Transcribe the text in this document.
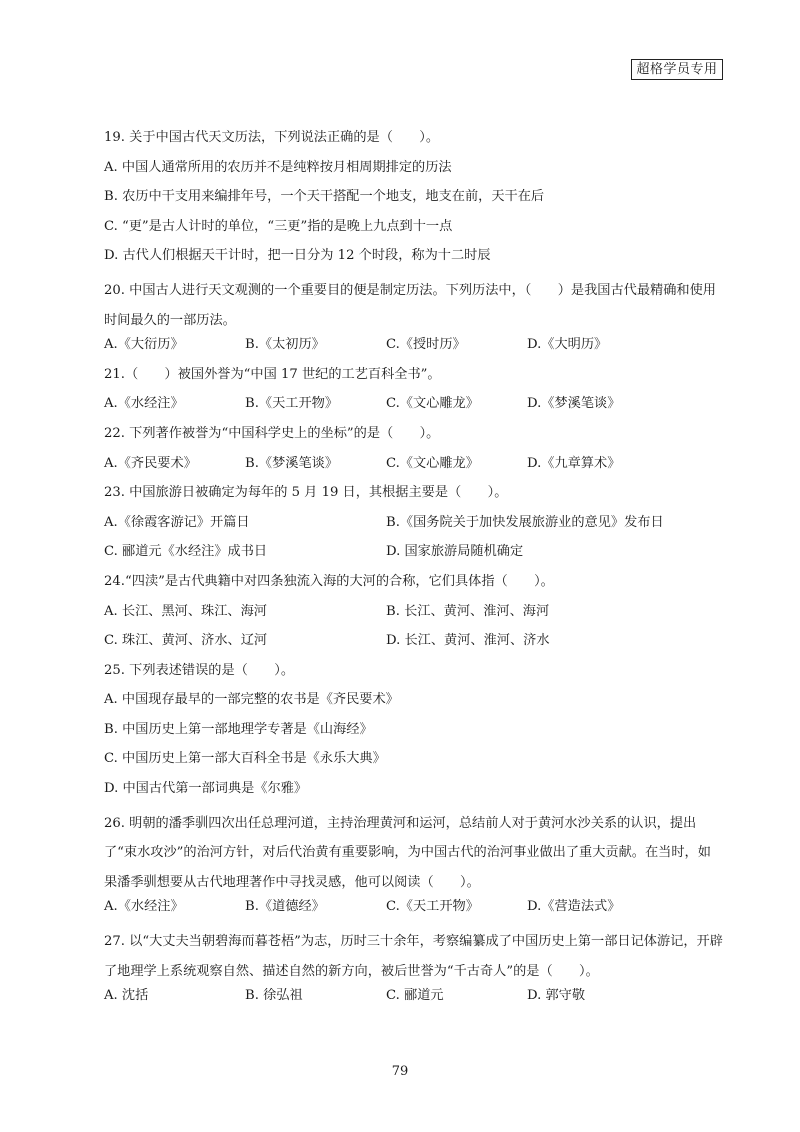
超格学员专用
19. 关于中国古代天文历法，下列说法正确的是（　　）。
A. 中国人通常所用的农历并不是纯粹按月相周期排定的历法
B. 农历中干支用来编排年号，一个天干搭配一个地支，地支在前，天干在后
C. “更”是古人计时的单位，“三更”指的是晚上九点到十一点
D. 古代人们根据天干计时，把一日分为 12 个时段，称为十二时辰
20. 中国古人进行天文观测的一个重要目的便是制定历法。下列历法中，（　　）是我国古代最精确和使用时间最久的一部历法。
A.《大衍历》	B.《太初历》	C.《授时历》	D.《大明历》
21.（　　）被国外誉为“中国 17 世纪的工艺百科全书”。
A.《水经注》	B.《天工开物》	C.《文心雕龙》	D.《梦溪笔谈》
22. 下列著作被誉为“中国科学史上的坐标”的是（　　）。
A.《齐民要术》	B.《梦溪笔谈》	C.《文心雕龙》	D.《九章算术》
23. 中国旅游日被确定为每年的 5 月 19 日，其根据主要是（　　）。
A.《徐霞客游记》开篇日	B.《国务院关于加快发展旅游业的意见》发布日
C. 郦道元《水经注》成书日	D. 国家旅游局随机确定
24.“四渎”是古代典籍中对四条独流入海的大河的合称，它们具体指（　　）。
A. 长江、黑河、珠江、海河	B. 长江、黄河、淮河、海河
C. 珠江、黄河、济水、辽河	D. 长江、黄河、淮河、济水
25. 下列表述错误的是（　　）。
A. 中国现存最早的一部完整的农书是《齐民要术》
B. 中国历史上第一部地理学专著是《山海经》
C. 中国历史上第一部大百科全书是《永乐大典》
D. 中国古代第一部词典是《尔雅》
26. 明朝的潘季驯四次出任总理河道，主持治理黄河和运河，总结前人对于黄河水沙关系的认识，提出了“束水攻沙”的治河方针，对后代治黄有重要影响，为中国古代的治河事业做出了重大贡献。在当时，如果潘季驯想要从古代地理著作中寻找灵感，他可以阅读（　　）。
A.《水经注》	B.《道德经》	C.《天工开物》	D.《营造法式》
27. 以“大丈夫当朝碧海而暮苍梧”为志，历时三十余年，考察编纂成了中国历史上第一部日记体游记，开辟了地理学上系统观察自然、描述自然的新方向，被后世誉为“千古奇人”的是（　　）。
A. 沈括	B. 徐弘祖	C. 郦道元	D. 郭守敬
79
